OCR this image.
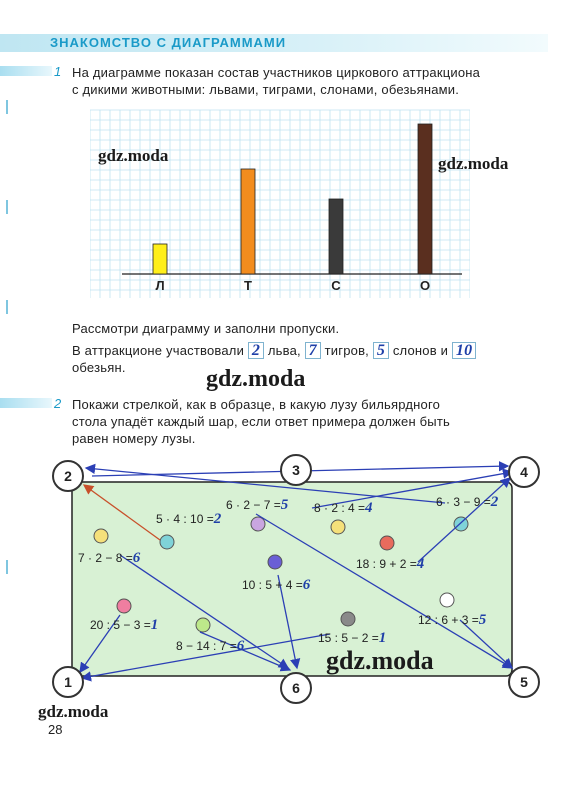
ЗНАКОМСТВО С ДИАГРАММАМИ
1 На диаграмме показан состав участников циркового аттракциона
с дикими животными: львами, тиграми, слонами, обезьянами.
Л	Т	С	О
Рассмотри диаграмму и заполни пропуски.
В аттракционе участвовали 2 льва, 7 тигров, 5 слонов и 10
обезьян.
2 Покажи стрелкой, как в образце, в какую лузу бильярдного
стола упадёт каждый шар, если ответ примера должен быть
равен номеру лузы.
2	3	4
1	6	5
5 · 4 : 10 =2
6 · 2 − 7 =5 8 · 2 : 4 =4	6 · 3 − 9 =2
7 · 2 − 8 =6	18 : 9 + 2 =4
10 : 5 + 4 =6
20 : 5 − 3 =1	12 : 6 + 3 =5
15 : 5 − 2 =1
8 − 14 : 7 =6
gdz.moda	gdz.moda
gdz.moda
gdz.moda
gdz.moda
28
